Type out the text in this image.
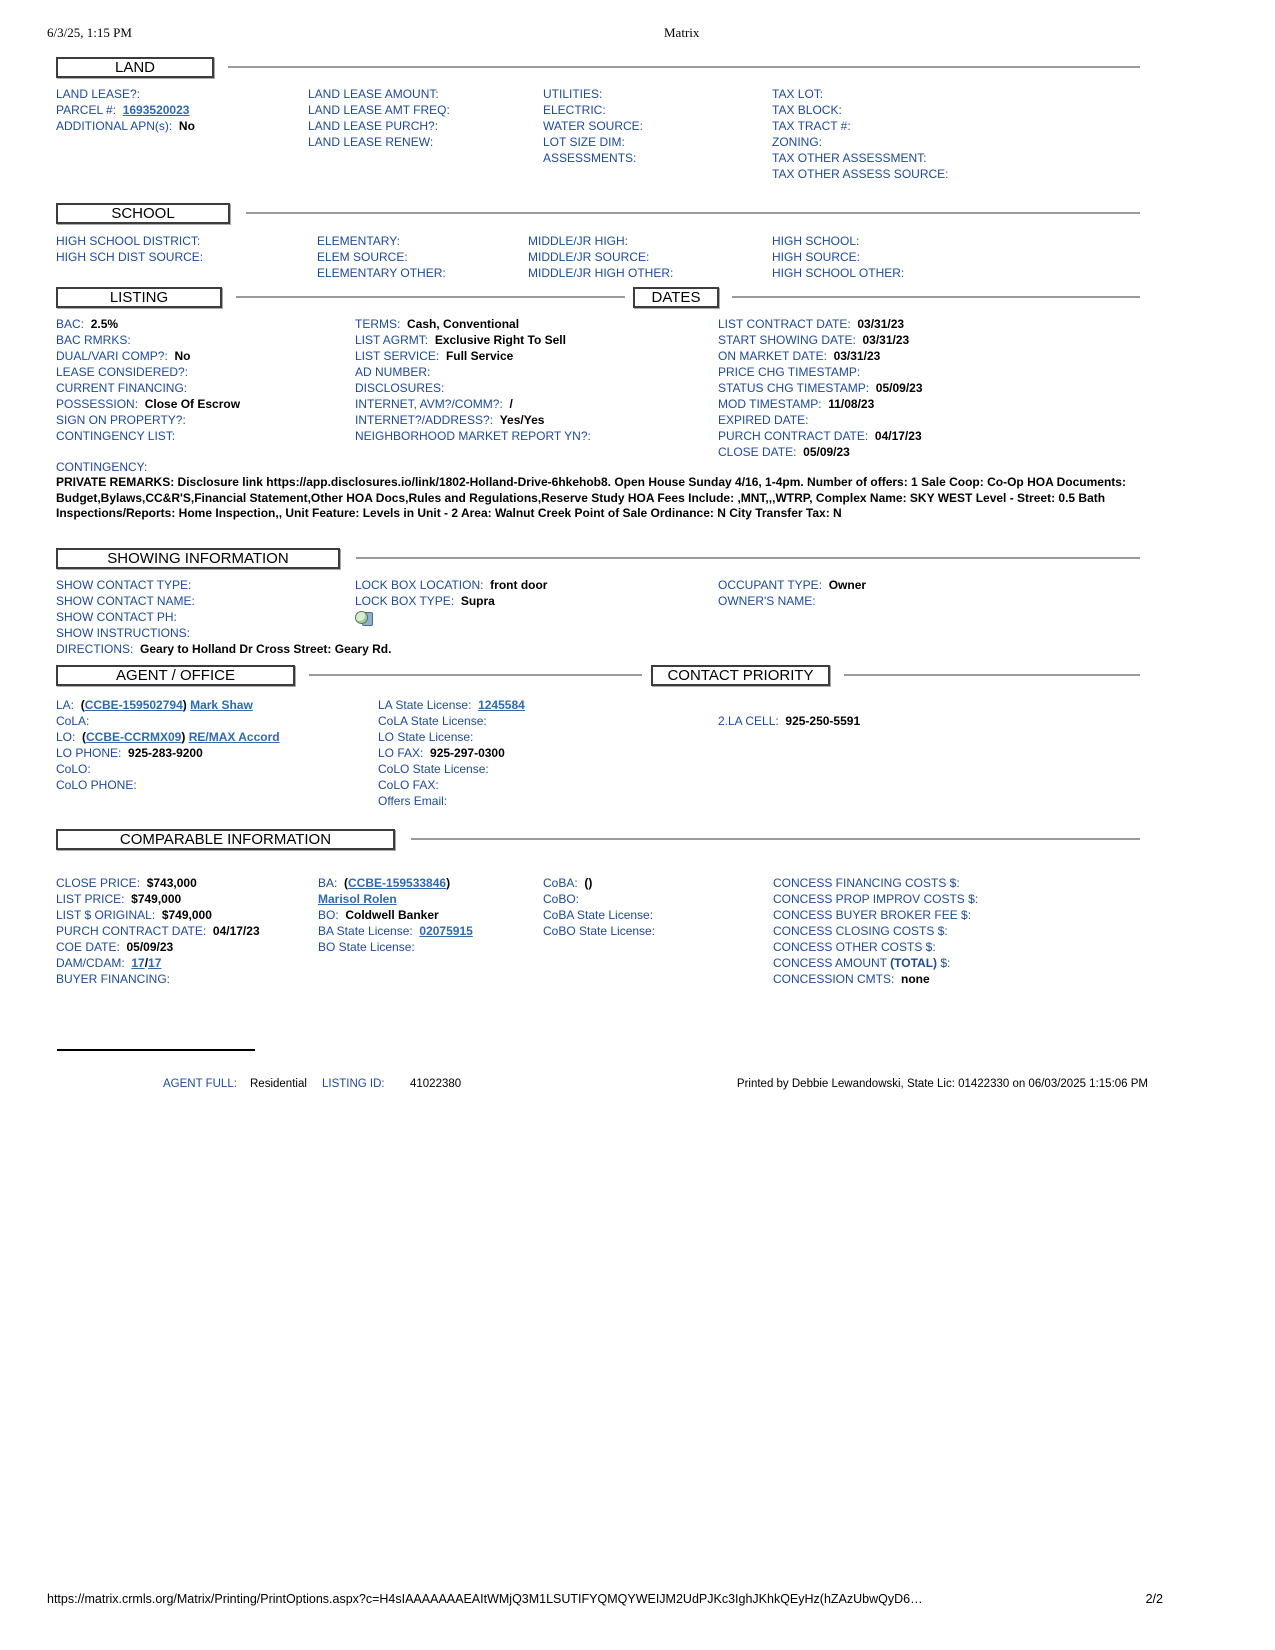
6/3/25, 1:15 PM	Matrix
LAND
LAND LEASE?:
PARCEL #: 1693520023
ADDITIONAL APN(s): No
LAND LEASE AMOUNT:
LAND LEASE AMT FREQ:
LAND LEASE PURCH?:
LAND LEASE RENEW:
UTILITIES:
ELECTRIC:
WATER SOURCE:
LOT SIZE DIM:
ASSESSMENTS:
TAX LOT:
TAX BLOCK:
TAX TRACT #:
ZONING:
TAX OTHER ASSESSMENT:
TAX OTHER ASSESS SOURCE:
SCHOOL
HIGH SCHOOL DISTRICT:
HIGH SCH DIST SOURCE:
ELEMENTARY:
ELEM SOURCE:
ELEMENTARY OTHER:
MIDDLE/JR HIGH:
MIDDLE/JR SOURCE:
MIDDLE/JR HIGH OTHER:
HIGH SCHOOL:
HIGH SOURCE:
HIGH SCHOOL OTHER:
LISTING	DATES
BAC: 2.5%
BAC RMRKS:
DUAL/VARI COMP?: No
LEASE CONSIDERED?:
CURRENT FINANCING:
POSSESSION: Close Of Escrow
SIGN ON PROPERTY?:
CONTINGENCY LIST:
TERMS: Cash, Conventional
LIST AGRMT: Exclusive Right To Sell
LIST SERVICE: Full Service
AD NUMBER:
DISCLOSURES:
INTERNET, AVM?/COMM?: /
INTERNET?/ADDRESS?: Yes/Yes
NEIGHBORHOOD MARKET REPORT YN?:
LIST CONTRACT DATE: 03/31/23
START SHOWING DATE: 03/31/23
ON MARKET DATE: 03/31/23
PRICE CHG TIMESTAMP:
STATUS CHG TIMESTAMP: 05/09/23
MOD TIMESTAMP: 11/08/23
EXPIRED DATE:
PURCH CONTRACT DATE: 04/17/23
CLOSE DATE: 05/09/23
CONTINGENCY:
PRIVATE REMARKS: Disclosure link https://app.disclosures.io/link/1802-Holland-Drive-6hkehob8. Open House Sunday 4/16, 1-4pm. Number of offers: 1 Sale Coop: Co-Op HOA Documents: Budget,Bylaws,CC&R'S,Financial Statement,Other HOA Docs,Rules and Regulations,Reserve Study HOA Fees Include: ,MNT,,,WTRP, Complex Name: SKY WEST Level - Street: 0.5 Bath Inspections/Reports: Home Inspection,, Unit Feature: Levels in Unit - 2 Area: Walnut Creek Point of Sale Ordinance: N City Transfer Tax: N
SHOWING INFORMATION
SHOW CONTACT TYPE:
SHOW CONTACT NAME:
SHOW CONTACT PH:
SHOW INSTRUCTIONS:
DIRECTIONS: Geary to Holland Dr Cross Street: Geary Rd.
LOCK BOX LOCATION: front door
LOCK BOX TYPE: Supra
OCCUPANT TYPE: Owner
OWNER'S NAME:
AGENT / OFFICE	CONTACT PRIORITY
LA: (CCBE-159502794) Mark Shaw
CoLA:
LO: (CCBE-CCRMX09) RE/MAX Accord
LO PHONE: 925-283-9200
CoLO:
CoLO PHONE:
LA State License: 1245584
CoLA State License:
LO State License:
LO FAX: 925-297-0300
CoLO State License:
CoLO FAX:
Offers Email:

2.LA CELL: 925-250-5591
COMPARABLE INFORMATION
CLOSE PRICE: $743,000
LIST PRICE: $749,000
LIST $ ORIGINAL: $749,000
PURCH CONTRACT DATE: 04/17/23
COE DATE: 05/09/23
DAM/CDAM: 17/17
BUYER FINANCING:
BA: (CCBE-159533846)
Marisol Rolen
BO: Coldwell Banker
BA State License: 02075915
BO State License:
CoBA: ()
CoBO:
CoBA State License:
CoBO State License:
CONCESS FINANCING COSTS $:
CONCESS PROP IMPROV COSTS $:
CONCESS BUYER BROKER FEE $:
CONCESS CLOSING COSTS $:
CONCESS OTHER COSTS $:
CONCESS AMOUNT (TOTAL) $:
CONCESSION CMTS: none
AGENT FULL: Residential LISTING ID: 41022380	Printed by Debbie Lewandowski, State Lic: 01422330 on 06/03/2025 1:15:06 PM
https://matrix.crmls.org/Matrix/Printing/PrintOptions.aspx?c=H4sIAAAAAAAEAItWMjQ3M1LSUTIFYQMQYWEIJM2UdPJKc3IghJKhkQEyHz(hZAzUbwQyD6…	2/2
